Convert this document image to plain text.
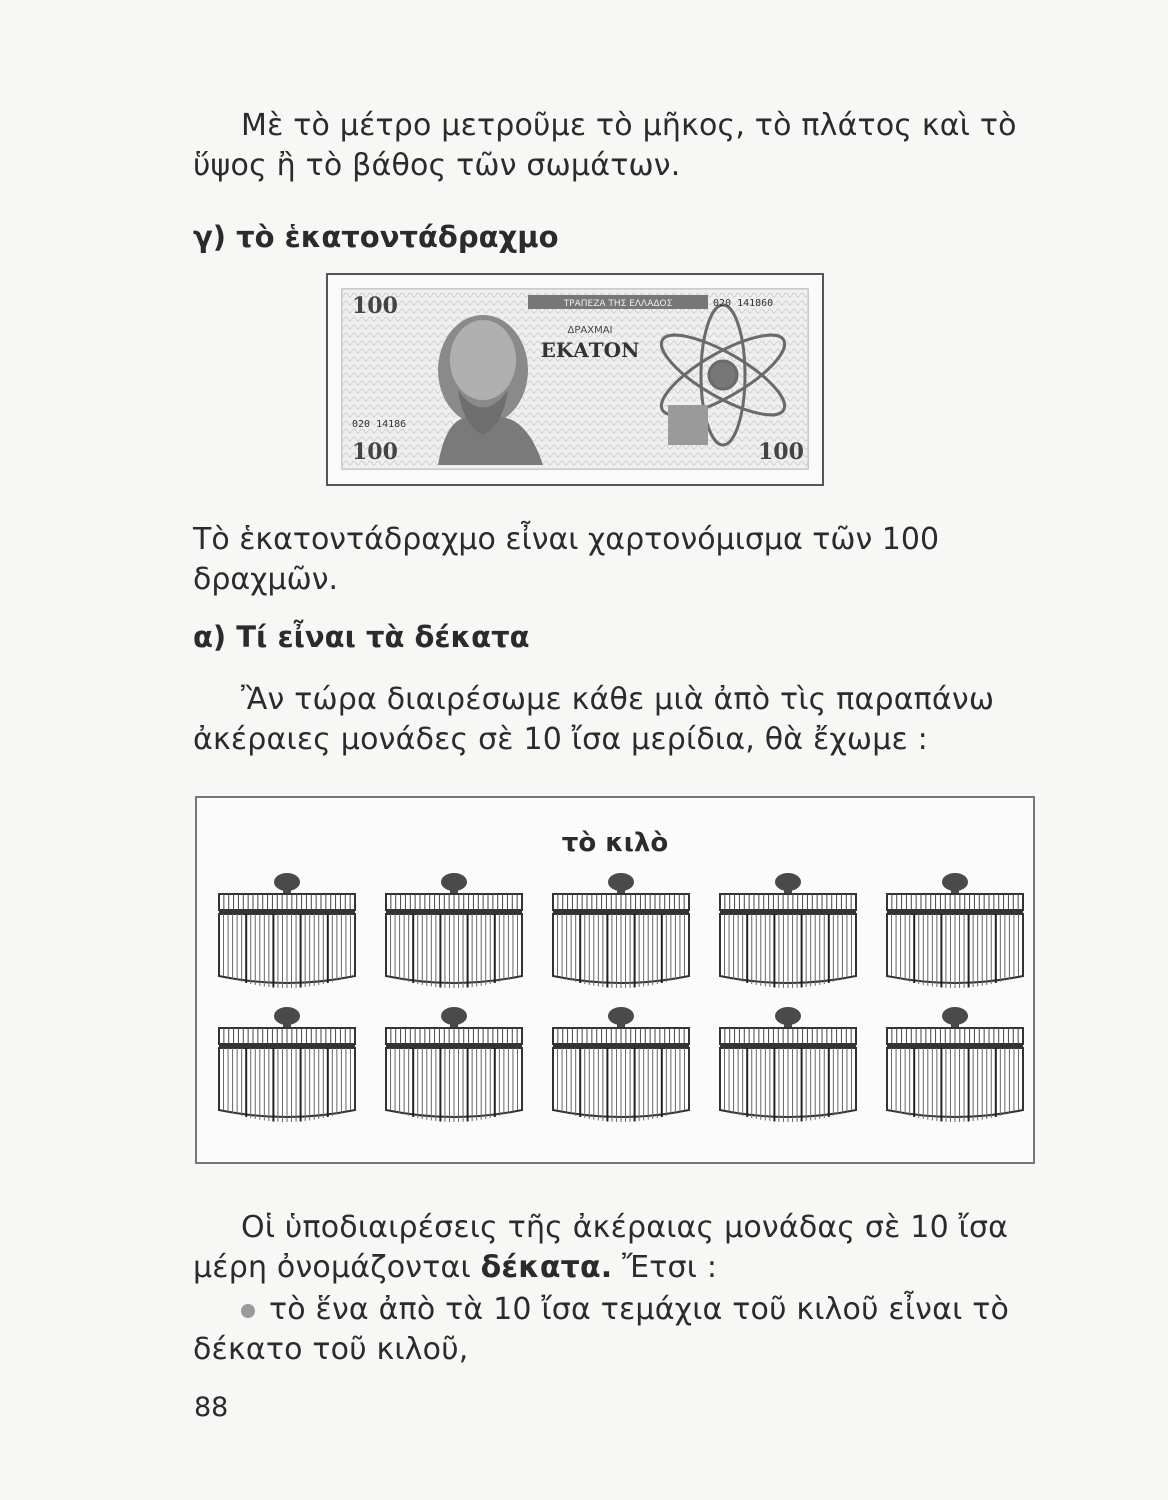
Μὲ τὸ μέτρο μετροῦμε τὸ μῆκος, τὸ πλάτος καὶ τὸ ὕψος ἢ τὸ βάθος τῶν σωμάτων.

γ) τὸ ἑκατοντάδραχμο
ΤΡΑΠΕΖΑ ΤΗΣ ΕΛΛΑΔΟΣ	020 141860
100
100	100
020 14186
ΔΡΑΧΜΑΙ
ΕΚΑΤΟΝ
Τὸ ἑκατοντάδραχμο εἶναι χαρτονόμισμα τῶν 100 δραχμῶν.
α) Τί εἶναι τὰ δέκατα

Ἂν τώρα διαιρέσωμε κάθε μιὰ ἀπὸ τὶς παραπάνω ἀκέραιες μονάδες σὲ 10 ἴσα μερίδια, θὰ ἔχωμε :

τὸ κιλὸ

Οἱ ὑποδιαιρέσεις τῆς ἀκέραιας μονάδας σὲ 10 ἴσα μέρη ὀνομάζονται δέκατα. Ἔτσι :

τὸ ἕνα ἀπὸ τὰ 10 ἴσα τεμάχια τοῦ κιλοῦ εἶναι τὸ δέκατο τοῦ κιλοῦ,

88
